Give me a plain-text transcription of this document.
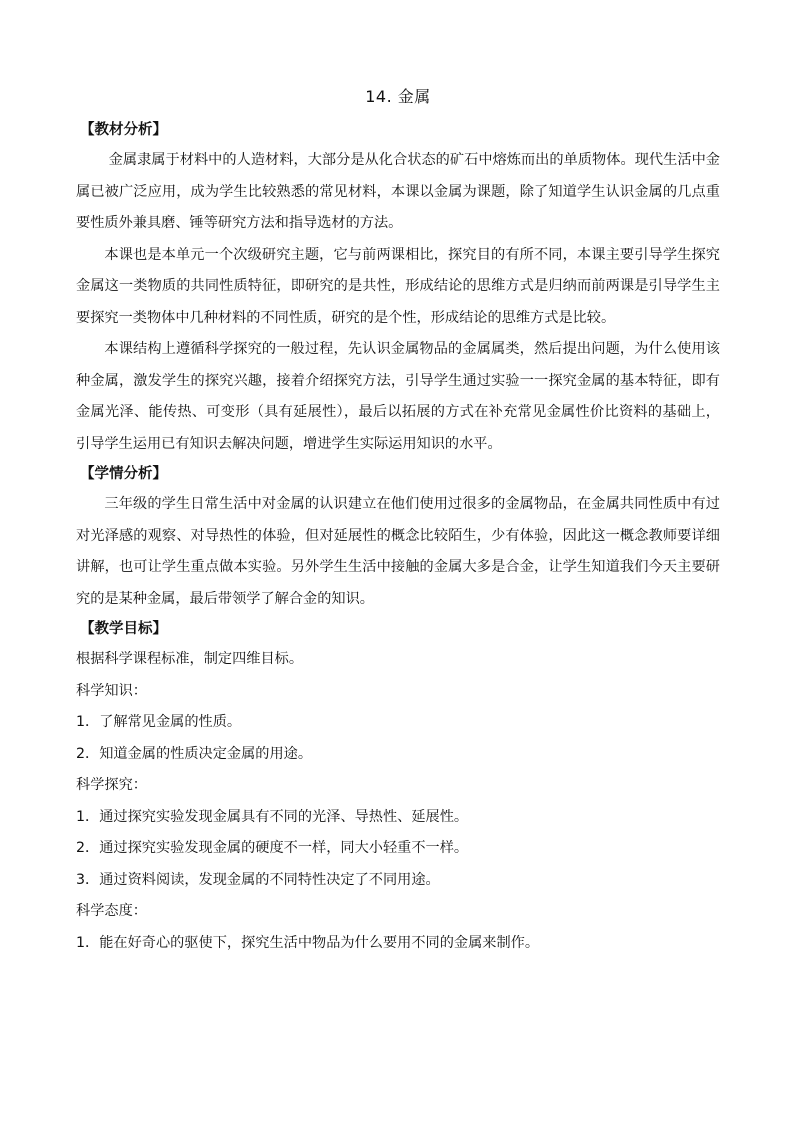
14. 金属
【教材分析】

金属隶属于材料中的人造材料，大部分是从化合状态的矿石中熔炼而出的单质物体。现代生活中金属已被广泛应用，成为学生比较熟悉的常见材料，本课以金属为课题，除了知道学生认识金属的几点重要性质外兼具磨、锤等研究方法和指导选材的方法。

本课也是本单元一个次级研究主题，它与前两课相比，探究目的有所不同，本课主要引导学生探究金属这一类物质的共同性质特征，即研究的是共性，形成结论的思维方式是归纳而前两课是引导学生主要探究一类物体中几种材料的不同性质，研究的是个性，形成结论的思维方式是比较。

本课结构上遵循科学探究的一般过程，先认识金属物品的金属属类，然后提出问题，为什么使用该种金属，激发学生的探究兴趣，接着介绍探究方法，引导学生通过实验一一探究金属的基本特征，即有金属光泽、能传热、可变形（具有延展性），最后以拓展的方式在补充常见金属性价比资料的基础上，引导学生运用已有知识去解决问题，增进学生实际运用知识的水平。

【学情分析】

三年级的学生日常生活中对金属的认识建立在他们使用过很多的金属物品，在金属共同性质中有过对光泽感的观察、对导热性的体验，但对延展性的概念比较陌生，少有体验，因此这一概念教师要详细讲解，也可让学生重点做本实验。另外学生生活中接触的金属大多是合金，让学生知道我们今天主要研究的是某种金属，最后带领学了解合金的知识。

【教学目标】

根据科学课程标准，制定四维目标。

科学知识：

1．了解常见金属的性质。

2．知道金属的性质决定金属的用途。

科学探究：

1．通过探究实验发现金属具有不同的光泽、导热性、延展性。

2．通过探究实验发现金属的硬度不一样，同大小轻重不一样。

3．通过资料阅读，发现金属的不同特性决定了不同用途。

科学态度：

1．能在好奇心的驱使下，探究生活中物品为什么要用不同的金属来制作。
